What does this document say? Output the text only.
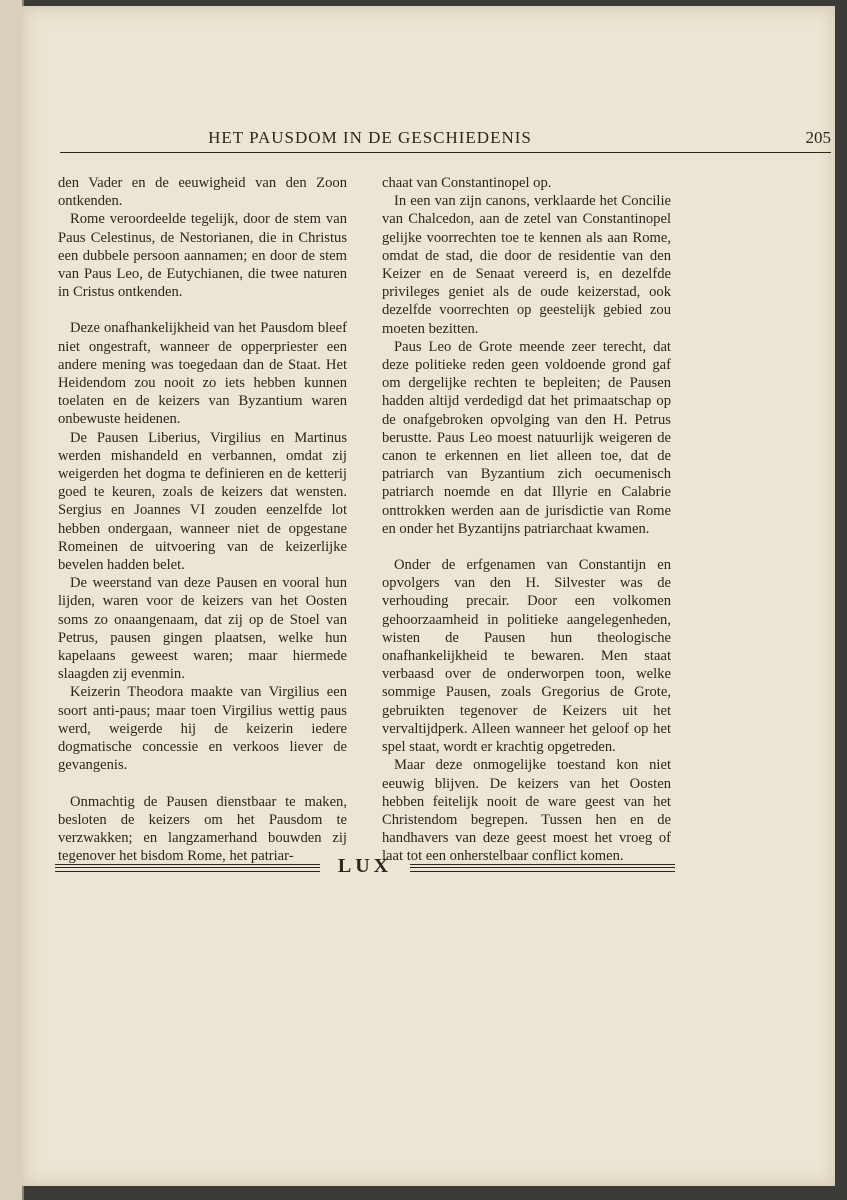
HET PAUSDOM IN DE GESCHIEDENIS	205

den Vader en de eeuwigheid van den Zoon ontkenden.

Rome veroordeelde tegelijk, door de stem van Paus Celestinus, de Nestorianen, die in Christus een dubbele persoon aannamen; en door de stem van Paus Leo, de Eutychianen, die twee naturen in Cristus ontkenden.

Deze onafhankelijkheid van het Pausdom bleef niet ongestraft, wanneer de opperpriester een andere mening was toegedaan dan de Staat. Het Heidendom zou nooit zo iets hebben kunnen toelaten en de keizers van Byzantium waren onbewuste heidenen.

De Pausen Liberius, Virgilius en Martinus werden mishandeld en verbannen, omdat zij weigerden het dogma te definieren en de ketterij goed te keuren, zoals de keizers dat wensten. Sergius en Joannes VI zouden eenzelfde lot hebben ondergaan, wanneer niet de opgestane Romeinen de uitvoering van de keizerlijke bevelen hadden belet.

De weerstand van deze Pausen en vooral hun lijden, waren voor de keizers van het Oosten soms zo onaangenaam, dat zij op de Stoel van Petrus, pausen gingen plaatsen, welke hun kapelaans geweest waren; maar hiermede slaagden zij evenmin.

Keizerin Theodora maakte van Virgilius een soort anti-paus; maar toen Virgilius wettig paus werd, weigerde hij de keizerin iedere dogmatische concessie en verkoos liever de gevangenis.

Onmachtig de Pausen dienstbaar te maken, besloten de keizers om het Pausdom te verzwakken; en langzamerhand bouwden zij tegenover het bisdom Rome, het patriar-

chaat van Constantinopel op.

In een van zijn canons, verklaarde het Concilie van Chalcedon, aan de zetel van Constantinopel gelijke voorrechten toe te kennen als aan Rome, omdat de stad, die door de residentie van den Keizer en de Senaat vereerd is, en dezelfde privileges geniet als de oude keizerstad, ook dezelfde voorrechten op geestelijk gebied zou moeten bezitten.

Paus Leo de Grote meende zeer terecht, dat deze politieke reden geen voldoende grond gaf om dergelijke rechten te bepleiten; de Pausen hadden altijd verdedigd dat het primaatschap op de onafgebroken opvolging van den H. Petrus berustte. Paus Leo moest natuurlijk weigeren de canon te erkennen en liet alleen toe, dat de patriarch van Byzantium zich oecumenisch patriarch noemde en dat Illyrie en Calabrie onttrokken werden aan de jurisdictie van Rome en onder het Byzantijns patriarchaat kwamen.

Onder de erfgenamen van Constantijn en opvolgers van den H. Silvester was de verhouding precair. Door een volkomen gehoorzaamheid in politieke aangelegenheden, wisten de Pausen hun theologische onafhankelijkheid te bewaren. Men staat verbaasd over de onderworpen toon, welke sommige Pausen, zoals Gregorius de Grote, gebruikten tegenover de Keizers uit het vervaltijdperk. Alleen wanneer het geloof op het spel staat, wordt er krachtig opgetreden.

Maar deze onmogelijke toestand kon niet eeuwig blijven. De keizers van het Oosten hebben feitelijk nooit de ware geest van het Christendom begrepen. Tussen hen en de handhavers van deze geest moest het vroeg of laat tot een onherstelbaar conflict komen.

LUX
